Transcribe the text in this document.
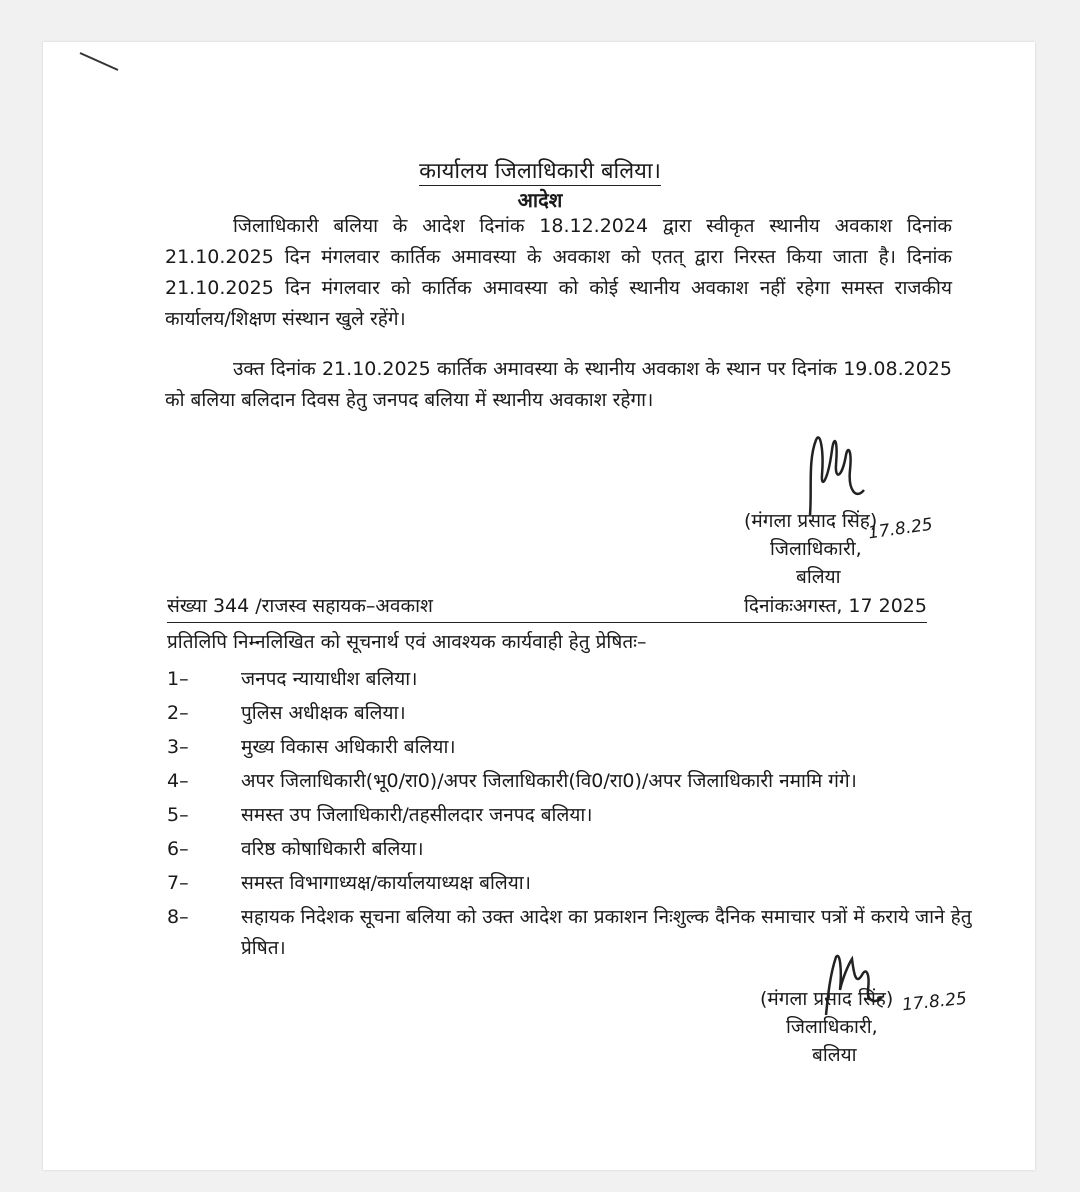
कार्यालय जिलाधिकारी बलिया।
आदेश
जिलाधिकारी बलिया के आदेश दिनांक 18.12.2024 द्वारा स्वीकृत स्थानीय अवकाश दिनांक 21.10.2025 दिन मंगलवार कार्तिक अमावस्या के अवकाश को एतत् द्वारा निरस्त किया जाता है। दिनांक 21.10.2025 दिन मंगलवार को कार्तिक अमावस्या को कोई स्थानीय अवकाश नहीं रहेगा समस्त राजकीय कार्यालय/शिक्षण संस्थान खुले रहेंगे।
उक्त दिनांक 21.10.2025 कार्तिक अमावस्या के स्थानीय अवकाश के स्थान पर दिनांक 19.08.2025 को बलिया बलिदान दिवस हेतु जनपद बलिया में स्थानीय अवकाश रहेगा।
(मंगला प्रसाद सिंह)
जिलाधिकारी,
बलिया
17.8.25
संख्या 344 /राजस्व सहायक–अवकाश	दिनांकःअगस्त, 17 2025
प्रतिलिपि निम्नलिखित को सूचनार्थ एवं आवश्यक कार्यवाही हेतु प्रेषितः–
1–	जनपद न्यायाधीश बलिया।
2–	पुलिस अधीक्षक बलिया।
3–	मुख्य विकास अधिकारी बलिया।
4–	अपर जिलाधिकारी(भू0/रा0)/अपर जिलाधिकारी(वि0/रा0)/अपर जिलाधिकारी नमामि गंगे।
5–	समस्त उप जिलाधिकारी/तहसीलदार जनपद बलिया।
6–	वरिष्ठ कोषाधिकारी बलिया।
7–	समस्त विभागाध्यक्ष/कार्यालयाध्यक्ष बलिया।
8–	सहायक निदेशक सूचना बलिया को उक्त आदेश का प्रकाशन निःशुल्क दैनिक समाचार पत्रों में कराये जाने हेतु प्रेषित।
(मंगला प्रसाद सिंह)
जिलाधिकारी,
बलिया
17.8.25
